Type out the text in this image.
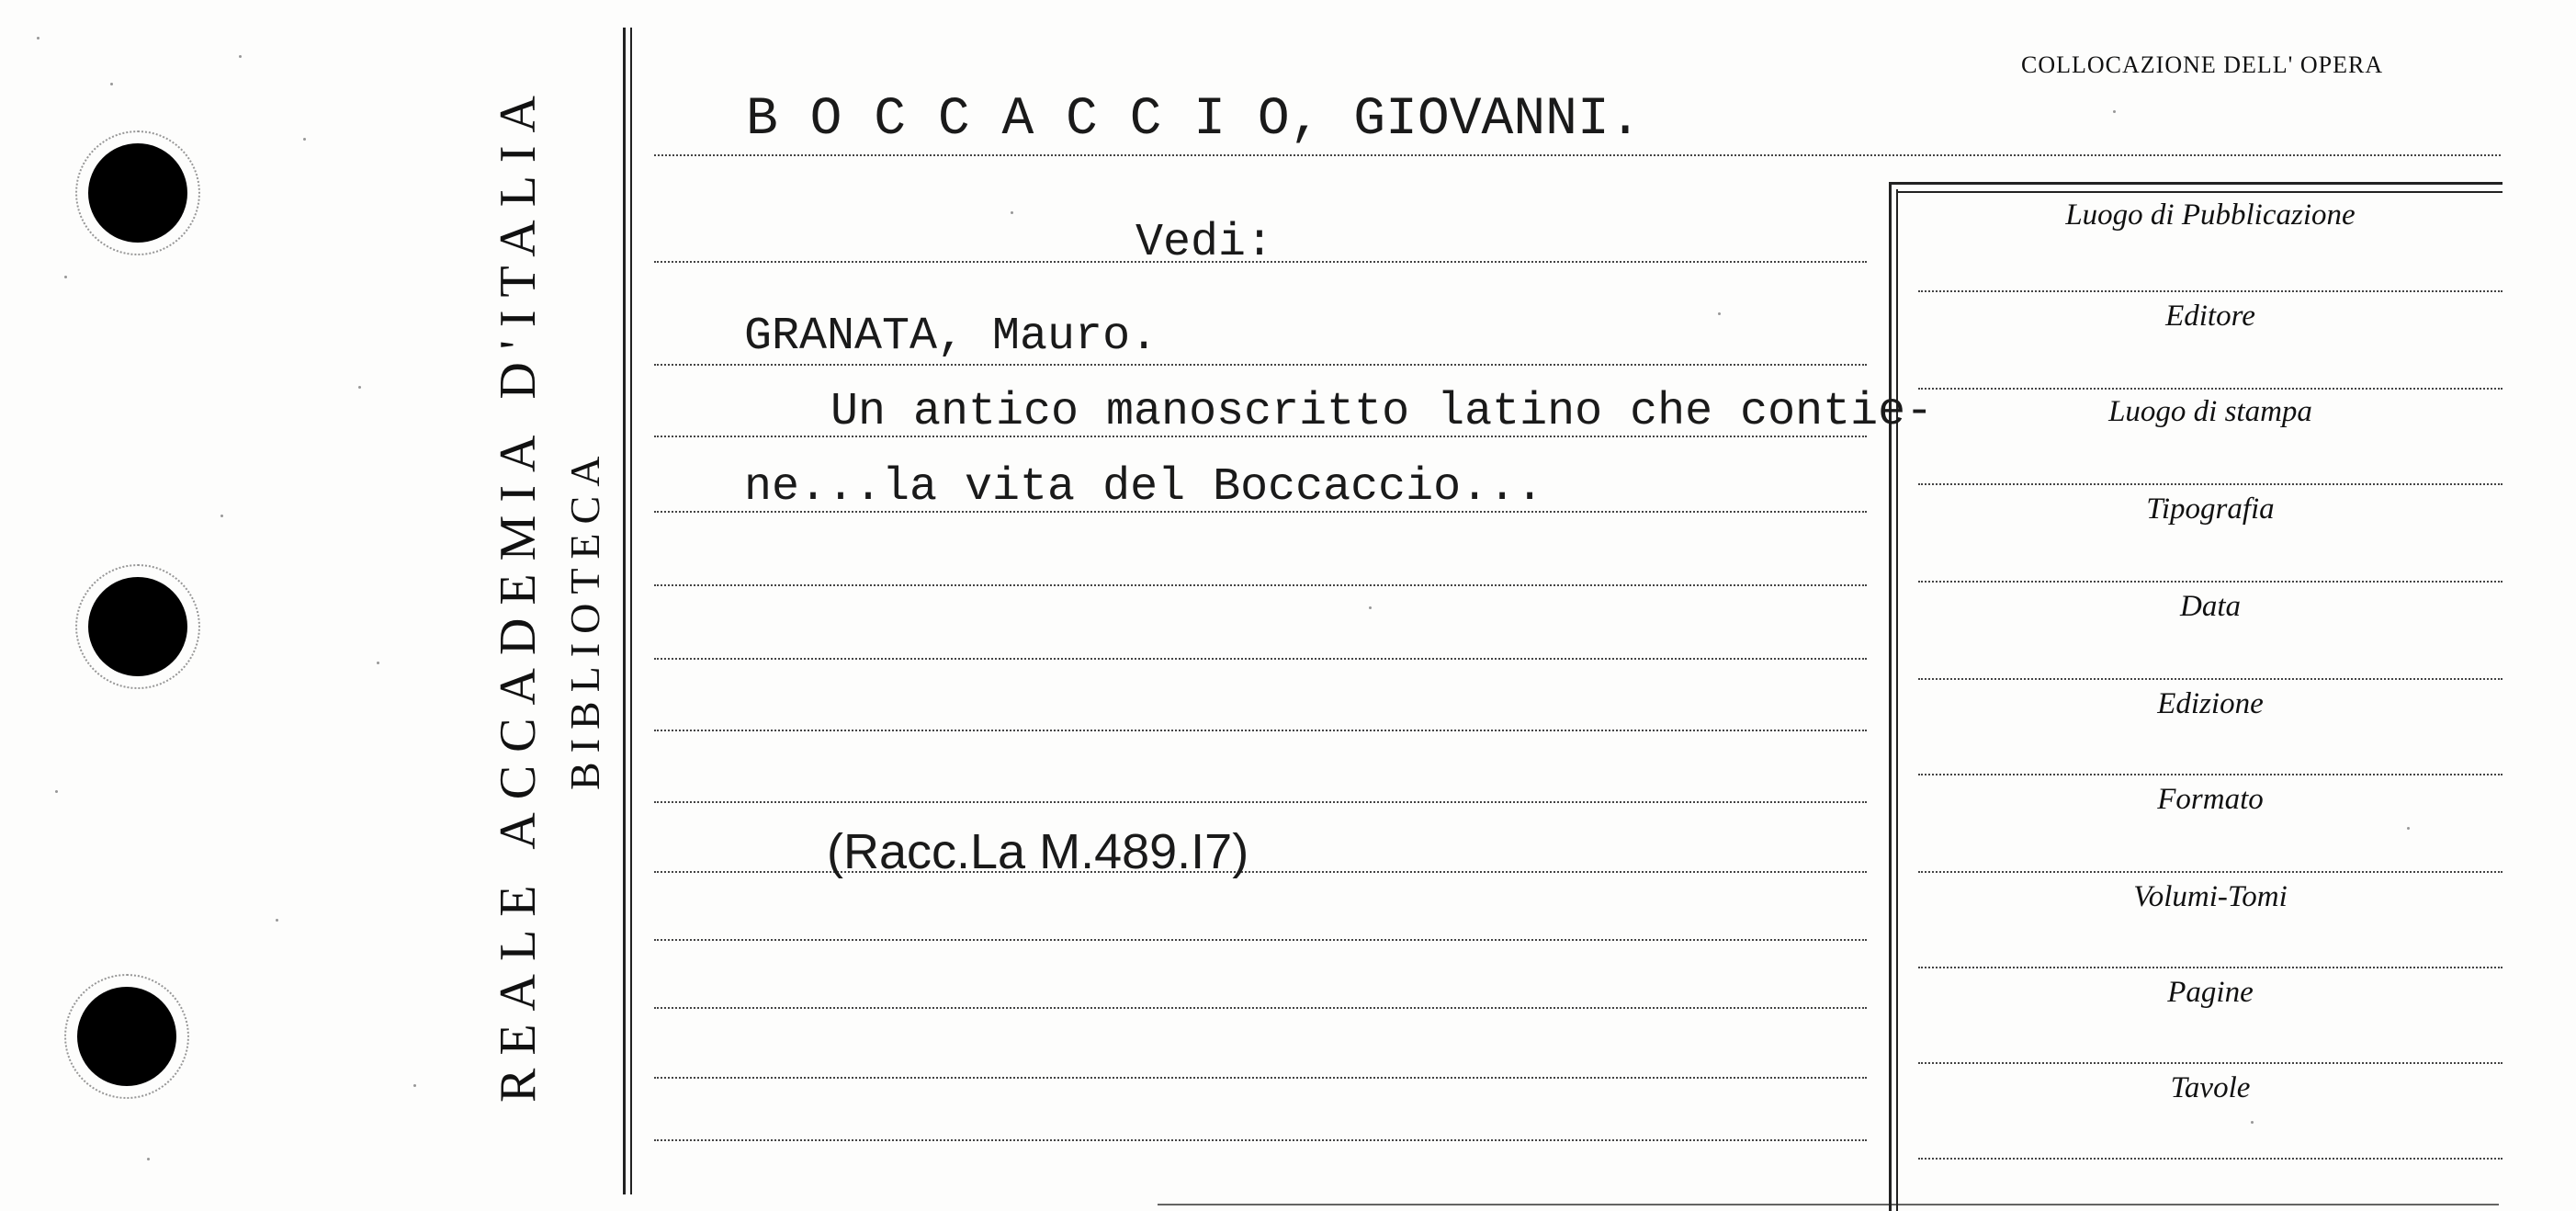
REALE ACCADEMIA D'ITALIA BIBLIOTECA
COLLOCAZIONE DELL' OPERA
B O C C A C C I O, GIOVANNI.
Vedi:
GRANATA, Mauro.
Un antico manoscritto latino che contie-
ne...la vita del Boccaccio...
(Racc.La M.489.I7)
Luogo di Pubblicazione
Editore
Luogo di stampa
Tipografia
Data
Edizione
Formato
Volumi-Tomi
Pagine
Tavole
